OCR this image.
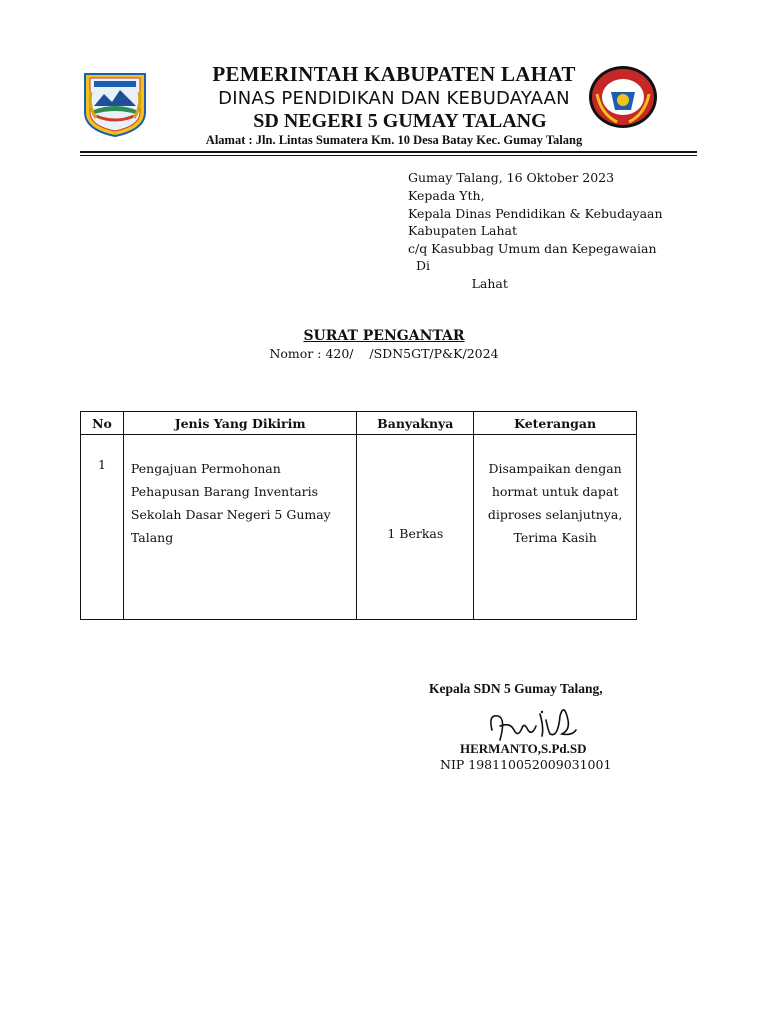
PEMERINTAH KABUPATEN LAHAT
DINAS PENDIDIKAN DAN KEBUDAYAAN
SD NEGERI 5 GUMAY TALANG
Alamat : Jln. Lintas Sumatera Km. 10 Desa Batay Kec. Gumay Talang
Gumay Talang, 16 Oktober 2023
Kepada Yth,
Kepala Dinas Pendidikan & Kebudayaan
Kabupaten Lahat
c/q Kasubbag Umum dan Kepegawaian
Di
Lahat
SURAT PENGANTAR
Nomor : 420/    /SDN5GT/P&K/2024
No	Jenis Yang Dikirim	Banyaknya	Keterangan
1	Pengajuan Permohonan Pehapusan Barang Inventaris Sekolah Dasar Negeri 5 Gumay Talang	1 Berkas	Disampaikan dengan hormat untuk dapat diproses selanjutnya, Terima Kasih
Kepala SDN 5 Gumay Talang,
HERMANTO,S.Pd.SD
NIP 198110052009031001
